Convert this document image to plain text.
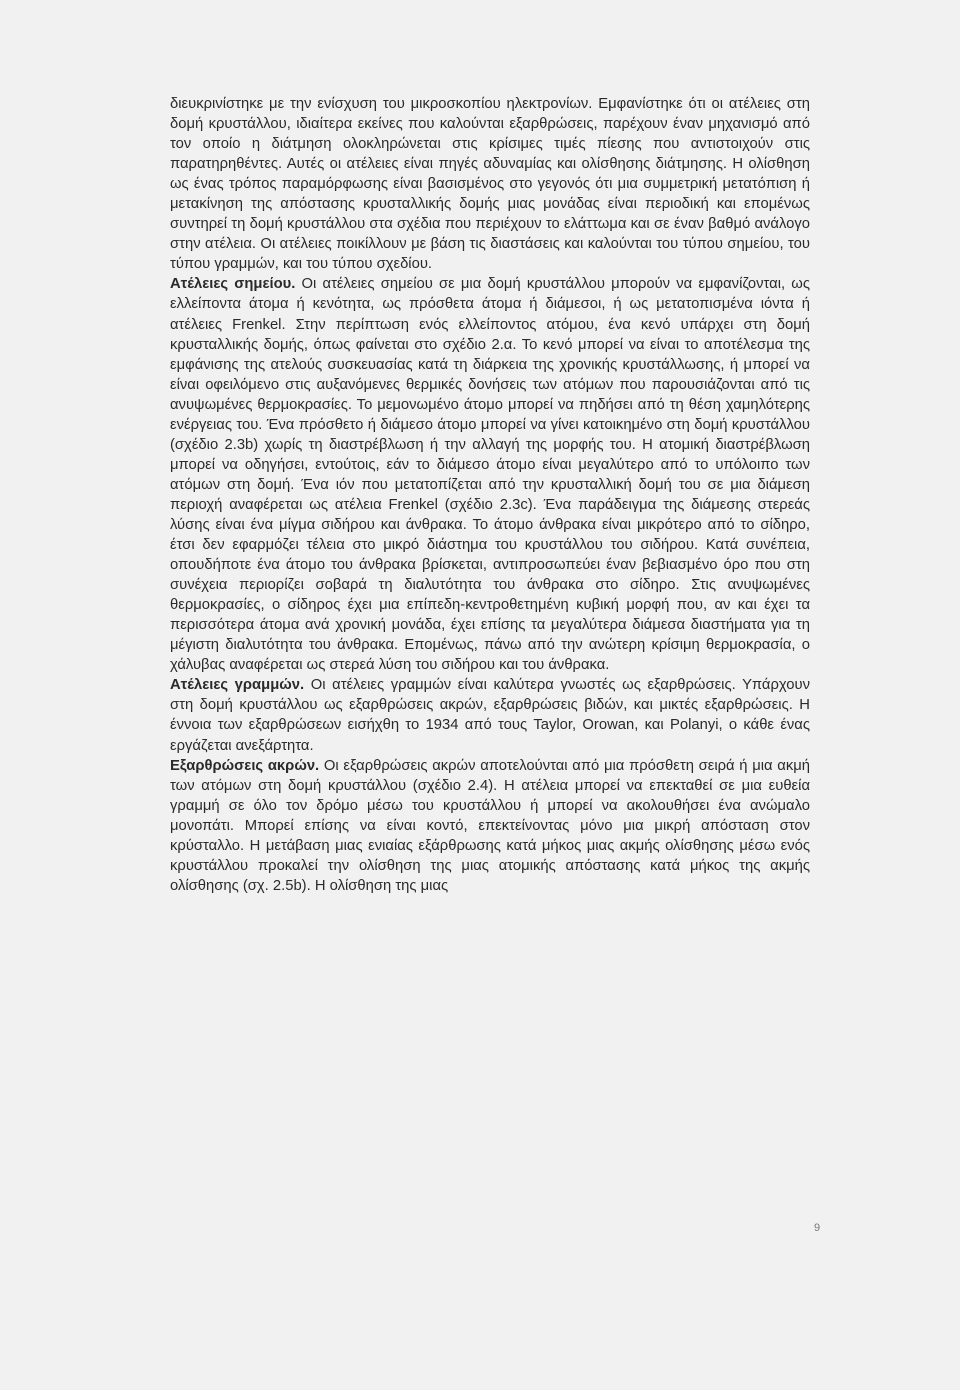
διευκρινίστηκε με την ενίσχυση του μικροσκοπίου ηλεκτρονίων. Εμφανίστηκε ότι οι ατέλειες στη δομή κρυστάλλου, ιδιαίτερα εκείνες που καλούνται εξαρθρώσεις, παρέχουν έναν μηχανισμό από τον οποίο η διάτμηση ολοκληρώνεται στις κρίσιμες τιμές πίεσης που αντιστοιχούν στις παρατηρηθέντες. Αυτές οι ατέλειες είναι πηγές αδυναμίας και ολίσθησης διάτμησης. Η ολίσθηση ως ένας τρόπος παραμόρφωσης είναι βασισμένος στο γεγονός ότι μια συμμετρική μετατόπιση ή μετακίνηση της απόστασης κρυσταλλικής δομής μιας μονάδας είναι περιοδική και επομένως συντηρεί τη δομή κρυστάλλου στα σχέδια που περιέχουν το ελάττωμα και σε έναν βαθμό ανάλογο στην ατέλεια. Οι ατέλειες ποικίλλουν με βάση τις διαστάσεις και καλούνται του τύπου σημείου, του τύπου γραμμών, και του τύπου σχεδίου.

Ατέλειες σημείου. Οι ατέλειες σημείου σε μια δομή κρυστάλλου μπορούν να εμφανίζονται, ως ελλείποντα άτομα ή κενότητα, ως πρόσθετα άτομα ή διάμεσοι, ή ως μετατοπισμένα ιόντα ή ατέλειες Frenkel. Στην περίπτωση ενός ελλείποντος ατόμου, ένα κενό υπάρχει στη δομή κρυσταλλικής δομής, όπως φαίνεται στο σχέδιο 2.α. Το κενό μπορεί να είναι το αποτέλεσμα της εμφάνισης της ατελούς συσκευασίας κατά τη διάρκεια της χρονικής κρυστάλλωσης, ή μπορεί να είναι οφειλόμενο στις αυξανόμενες θερμικές δονήσεις των ατόμων που παρουσιάζονται από τις ανυψωμένες θερμοκρασίες. Το μεμονωμένο άτομο μπορεί να πηδήσει από τη θέση χαμηλότερης ενέργειας του. Ένα πρόσθετο ή διάμεσο άτομο μπορεί να γίνει κατοικημένο στη δομή κρυστάλλου (σχέδιο 2.3b) χωρίς τη διαστρέβλωση ή την αλλαγή της μορφής του. Η ατομική διαστρέβλωση μπορεί να οδηγήσει, εντούτοις, εάν το διάμεσο άτομο είναι μεγαλύτερο από το υπόλοιπο των ατόμων στη δομή. Ένα ιόν που μετατοπίζεται από την κρυσταλλική δομή του σε μια διάμεση περιοχή αναφέρεται ως ατέλεια Frenkel (σχέδιο 2.3c). Ένα παράδειγμα της διάμεσης στερεάς λύσης είναι ένα μίγμα σιδήρου και άνθρακα. Το άτομο άνθρακα είναι μικρότερο από το σίδηρο, έτσι δεν εφαρμόζει τέλεια στο μικρό διάστημα του κρυστάλλου του σιδήρου. Κατά συνέπεια, οπουδήποτε ένα άτομο του άνθρακα βρίσκεται, αντιπροσωπεύει έναν βεβιασμένο όρο που στη συνέχεια περιορίζει σοβαρά τη διαλυτότητα του άνθρακα στο σίδηρο. Στις ανυψωμένες θερμοκρασίες, ο σίδηρος έχει μια επίπεδη-κεντροθετημένη κυβική μορφή που, αν και έχει τα περισσότερα άτομα ανά χρονική μονάδα, έχει επίσης τα μεγαλύτερα διάμεσα διαστήματα για τη μέγιστη διαλυτότητα του άνθρακα. Επομένως, πάνω από την ανώτερη κρίσιμη θερμοκρασία, ο χάλυβας αναφέρεται ως στερεά λύση του σιδήρου και του άνθρακα.

Ατέλειες γραμμών. Οι ατέλειες γραμμών είναι καλύτερα γνωστές ως εξαρθρώσεις. Υπάρχουν στη δομή κρυστάλλου ως εξαρθρώσεις ακρών, εξαρθρώσεις βιδών, και μικτές εξαρθρώσεις. Η έννοια των εξαρθρώσεων εισήχθη το 1934 από τους Taylor, Orowan, και Polanyi, ο κάθε ένας εργάζεται ανεξάρτητα.

Εξαρθρώσεις ακρών. Οι εξαρθρώσεις ακρών αποτελούνται από μια πρόσθετη σειρά ή μια ακμή των ατόμων στη δομή κρυστάλλου (σχέδιο 2.4). Η ατέλεια μπορεί να επεκταθεί σε μια ευθεία γραμμή σε όλο τον δρόμο μέσω του κρυστάλλου ή μπορεί να ακολουθήσει ένα ανώμαλο μονοπάτι. Μπορεί επίσης να είναι κοντό, επεκτείνοντας μόνο μια μικρή απόσταση στον κρύσταλλο. Η μετάβαση μιας ενιαίας εξάρθρωσης κατά μήκος μιας ακμής ολίσθησης μέσω ενός κρυστάλλου προκαλεί την ολίσθηση της μιας ατομικής απόστασης κατά μήκος της ακμής ολίσθησης (σχ. 2.5b). Η ολίσθηση της μιας

9
